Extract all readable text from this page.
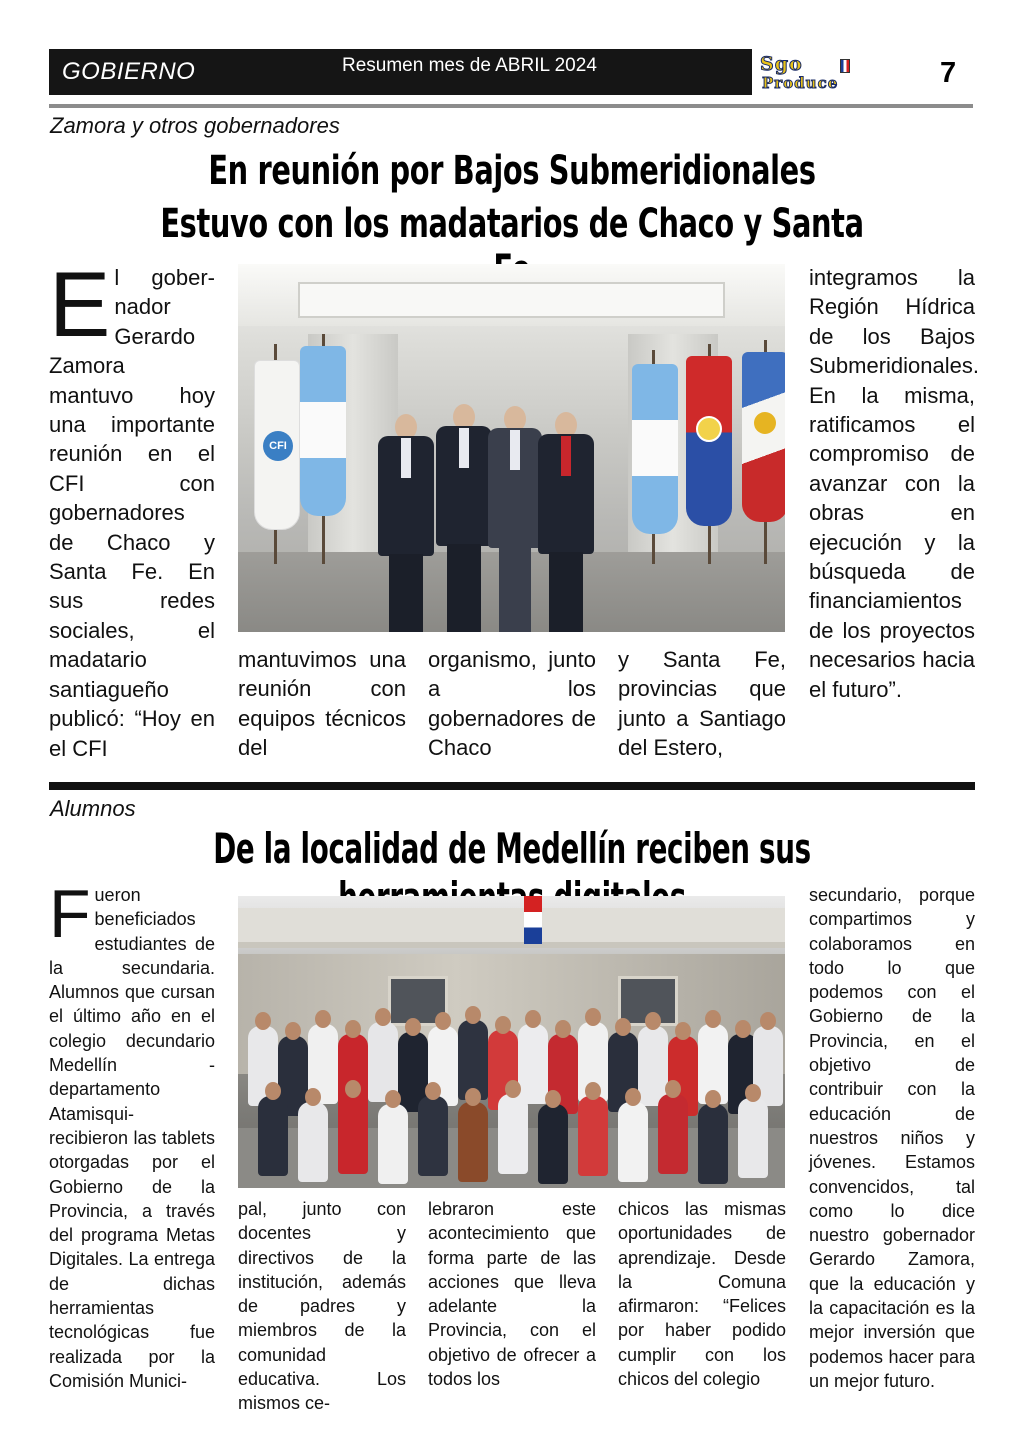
GOBIERNO	Resumen mes de ABRIL 2024	Sgo
Produce	7
Zamora y otros gobernadores
En reunión por Bajos Submeridionales
Estuvo con los madatarios de Chaco y Santa
El gober-nador Gerardo Zamora mantuvo hoy una importante reunión en el CFI con gobernadores de Chaco y Santa Fe. En sus redes sociales, el madatario santiagueño publicó: “Hoy en el CFI
CFI
mantuvimos una reunión con equipos técnicos del
organismo, junto a los gobernadores de Chaco
y Santa Fe, provincias que junto a Santiago del Estero,
integramos la Región Hídrica de los Bajos Submeridionales. En la misma, ratificamos el compromiso de avanzar con la obras en ejecución y la búsqueda de financiamientos de los proyectos necesarios hacia el futuro”.
Alumnos
De la localidad de Medellín reciben sus
Fueron beneficiados estudiantes de la secundaria. Alumnos que cursan el último año en el colegio decundario Medellín -departamento Atamisqui- recibieron las tablets otorgadas por el Gobierno de la Provincia, a través del programa Metas Digitales. La entrega de dichas herramientas tecnológicas fue realizada por la Comisión Munici-
pal, junto con docentes y directivos de la institución, además de padres y miembros de la comunidad educativa. Los mismos ce-
lebraron este acontecimiento que forma parte de las acciones que lleva adelante la Provincia, con el objetivo de ofrecer a todos los
chicos las mismas oportunidades de aprendizaje. Desde la Comuna afirmaron: “Felices por haber podido cumplir con los chicos del colegio
secundario, porque compartimos y colaboramos en todo lo que podemos con el Gobierno de la Provincia, en el objetivo de contribuir con la educación de nuestros niños y jóvenes. Estamos convencidos, tal como lo dice nuestro gobernador Gerardo Zamora, que la educación y la capacitación es la mejor inversión que podemos hacer para un mejor futuro.
